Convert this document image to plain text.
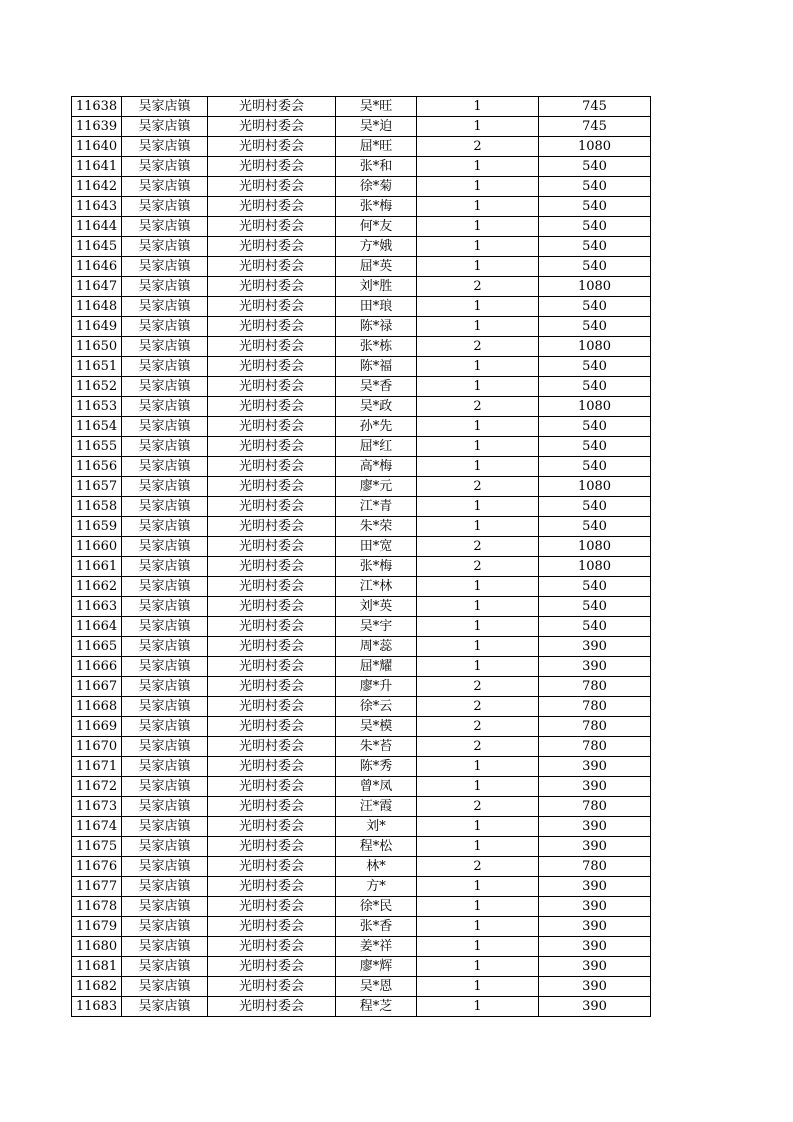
11638	吴家店镇	光明村委会	吴*旺	1	745
11639	吴家店镇	光明村委会	吴*迫	1	745
11640	吴家店镇	光明村委会	屈*旺	2	1080
11641	吴家店镇	光明村委会	张*和	1	540
11642	吴家店镇	光明村委会	徐*菊	1	540
11643	吴家店镇	光明村委会	张*梅	1	540
11644	吴家店镇	光明村委会	何*友	1	540
11645	吴家店镇	光明村委会	方*娥	1	540
11646	吴家店镇	光明村委会	屈*英	1	540
11647	吴家店镇	光明村委会	刘*胜	2	1080
11648	吴家店镇	光明村委会	田*琅	1	540
11649	吴家店镇	光明村委会	陈*禄	1	540
11650	吴家店镇	光明村委会	张*栋	2	1080
11651	吴家店镇	光明村委会	陈*福	1	540
11652	吴家店镇	光明村委会	吴*香	1	540
11653	吴家店镇	光明村委会	吴*政	2	1080
11654	吴家店镇	光明村委会	孙*先	1	540
11655	吴家店镇	光明村委会	屈*红	1	540
11656	吴家店镇	光明村委会	高*梅	1	540
11657	吴家店镇	光明村委会	廖*元	2	1080
11658	吴家店镇	光明村委会	江*青	1	540
11659	吴家店镇	光明村委会	朱*荣	1	540
11660	吴家店镇	光明村委会	田*宽	2	1080
11661	吴家店镇	光明村委会	张*梅	2	1080
11662	吴家店镇	光明村委会	江*林	1	540
11663	吴家店镇	光明村委会	刘*英	1	540
11664	吴家店镇	光明村委会	吴*宇	1	540
11665	吴家店镇	光明村委会	周*蕊	1	390
11666	吴家店镇	光明村委会	屈*耀	1	390
11667	吴家店镇	光明村委会	廖*升	2	780
11668	吴家店镇	光明村委会	徐*云	2	780
11669	吴家店镇	光明村委会	吴*模	2	780
11670	吴家店镇	光明村委会	朱*苔	2	780
11671	吴家店镇	光明村委会	陈*秀	1	390
11672	吴家店镇	光明村委会	曾*凤	1	390
11673	吴家店镇	光明村委会	汪*霞	2	780
11674	吴家店镇	光明村委会	刘*	1	390
11675	吴家店镇	光明村委会	程*松	1	390
11676	吴家店镇	光明村委会	林*	2	780
11677	吴家店镇	光明村委会	方*	1	390
11678	吴家店镇	光明村委会	徐*民	1	390
11679	吴家店镇	光明村委会	张*香	1	390
11680	吴家店镇	光明村委会	姜*祥	1	390
11681	吴家店镇	光明村委会	廖*辉	1	390
11682	吴家店镇	光明村委会	吴*恩	1	390
11683	吴家店镇	光明村委会	程*芝	1	390
